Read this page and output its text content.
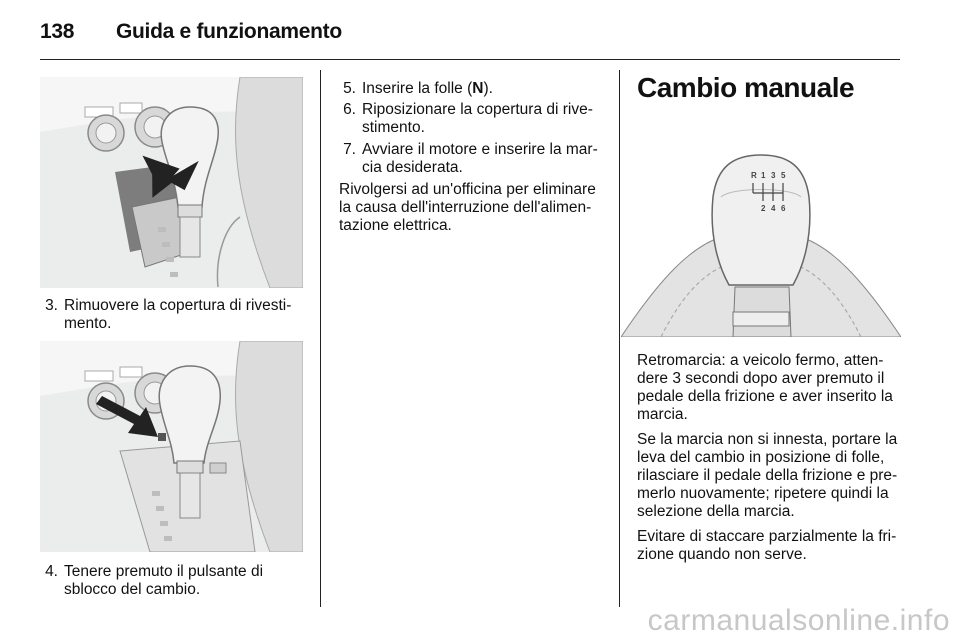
138 Guida e funzionamento
3. Rimuovere la copertura di rivestimento.
4. Tenere premuto il pulsante di sblocco del cambio.
5. Inserire la folle (N).
6. Riposizionare la copertura di rivestimento.
7. Avviare il motore e inserire la marcia desiderata.
Rivolgersi ad un'officina per eliminare la causa dell'interruzione dell'alimentazione elettrica.
Cambio manuale
R 1 3 5
2 4 6

Retromarcia: a veicolo fermo, attendere 3 secondi dopo aver premuto il pedale della frizione e aver inserito la marcia.

Se la marcia non si innesta, portare la leva del cambio in posizione di folle, rilasciare il pedale della frizione e premerlo nuovamente; ripetere quindi la selezione della marcia.

Evitare di staccare parzialmente la frizione quando non serve.

carmanualsonline.info
